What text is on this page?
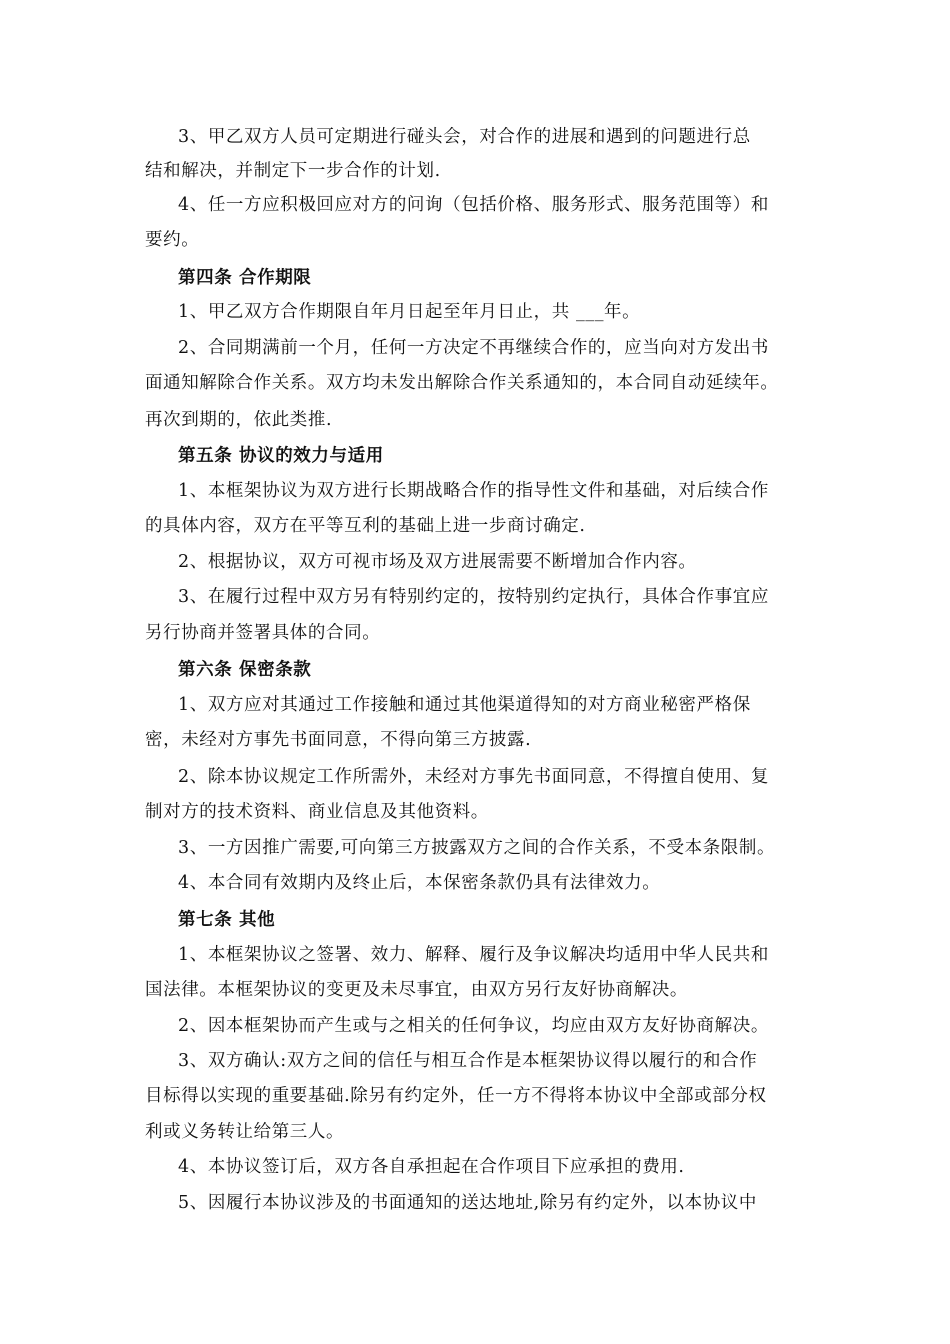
3、甲乙双方人员可定期进行碰头会，对合作的进展和遇到的问题进行总
结和解决，并制定下一步合作的计划.
4、任一方应积极回应对方的问询（包括价格、服务形式、服务范围等）和
要约。
第四条 合作期限
1、甲乙双方合作期限自年月日起至年月日止，共 ___年。
2、合同期满前一个月，任何一方决定不再继续合作的，应当向对方发出书
面通知解除合作关系。双方均未发出解除合作关系通知的，本合同自动延续年。
再次到期的，依此类推.
第五条 协议的效力与适用
1、本框架协议为双方进行长期战略合作的指导性文件和基础，对后续合作
的具体内容，双方在平等互利的基础上进一步商讨确定.
2、根据协议，双方可视市场及双方进展需要不断增加合作内容。
3、在履行过程中双方另有特别约定的，按特别约定执行，具体合作事宜应
另行协商并签署具体的合同。
第六条 保密条款
1、双方应对其通过工作接触和通过其他渠道得知的对方商业秘密严格保
密，未经对方事先书面同意，不得向第三方披露.
2、除本协议规定工作所需外，未经对方事先书面同意，不得擅自使用、复
制对方的技术资料、商业信息及其他资料。
3、一方因推广需要,可向第三方披露双方之间的合作关系，不受本条限制。
4、本合同有效期内及终止后，本保密条款仍具有法律效力。
第七条 其他
1、本框架协议之签署、效力、解释、履行及争议解决均适用中华人民共和
国法律。本框架协议的变更及未尽事宜，由双方另行友好协商解决。
2、因本框架协而产生或与之相关的任何争议，均应由双方友好协商解决。
3、双方确认:双方之间的信任与相互合作是本框架协议得以履行的和合作
目标得以实现的重要基础.除另有约定外，任一方不得将本协议中全部或部分权
利或义务转让给第三人。
4、本协议签订后，双方各自承担起在合作项目下应承担的费用.
5、因履行本协议涉及的书面通知的送达地址,除另有约定外，以本协议中
